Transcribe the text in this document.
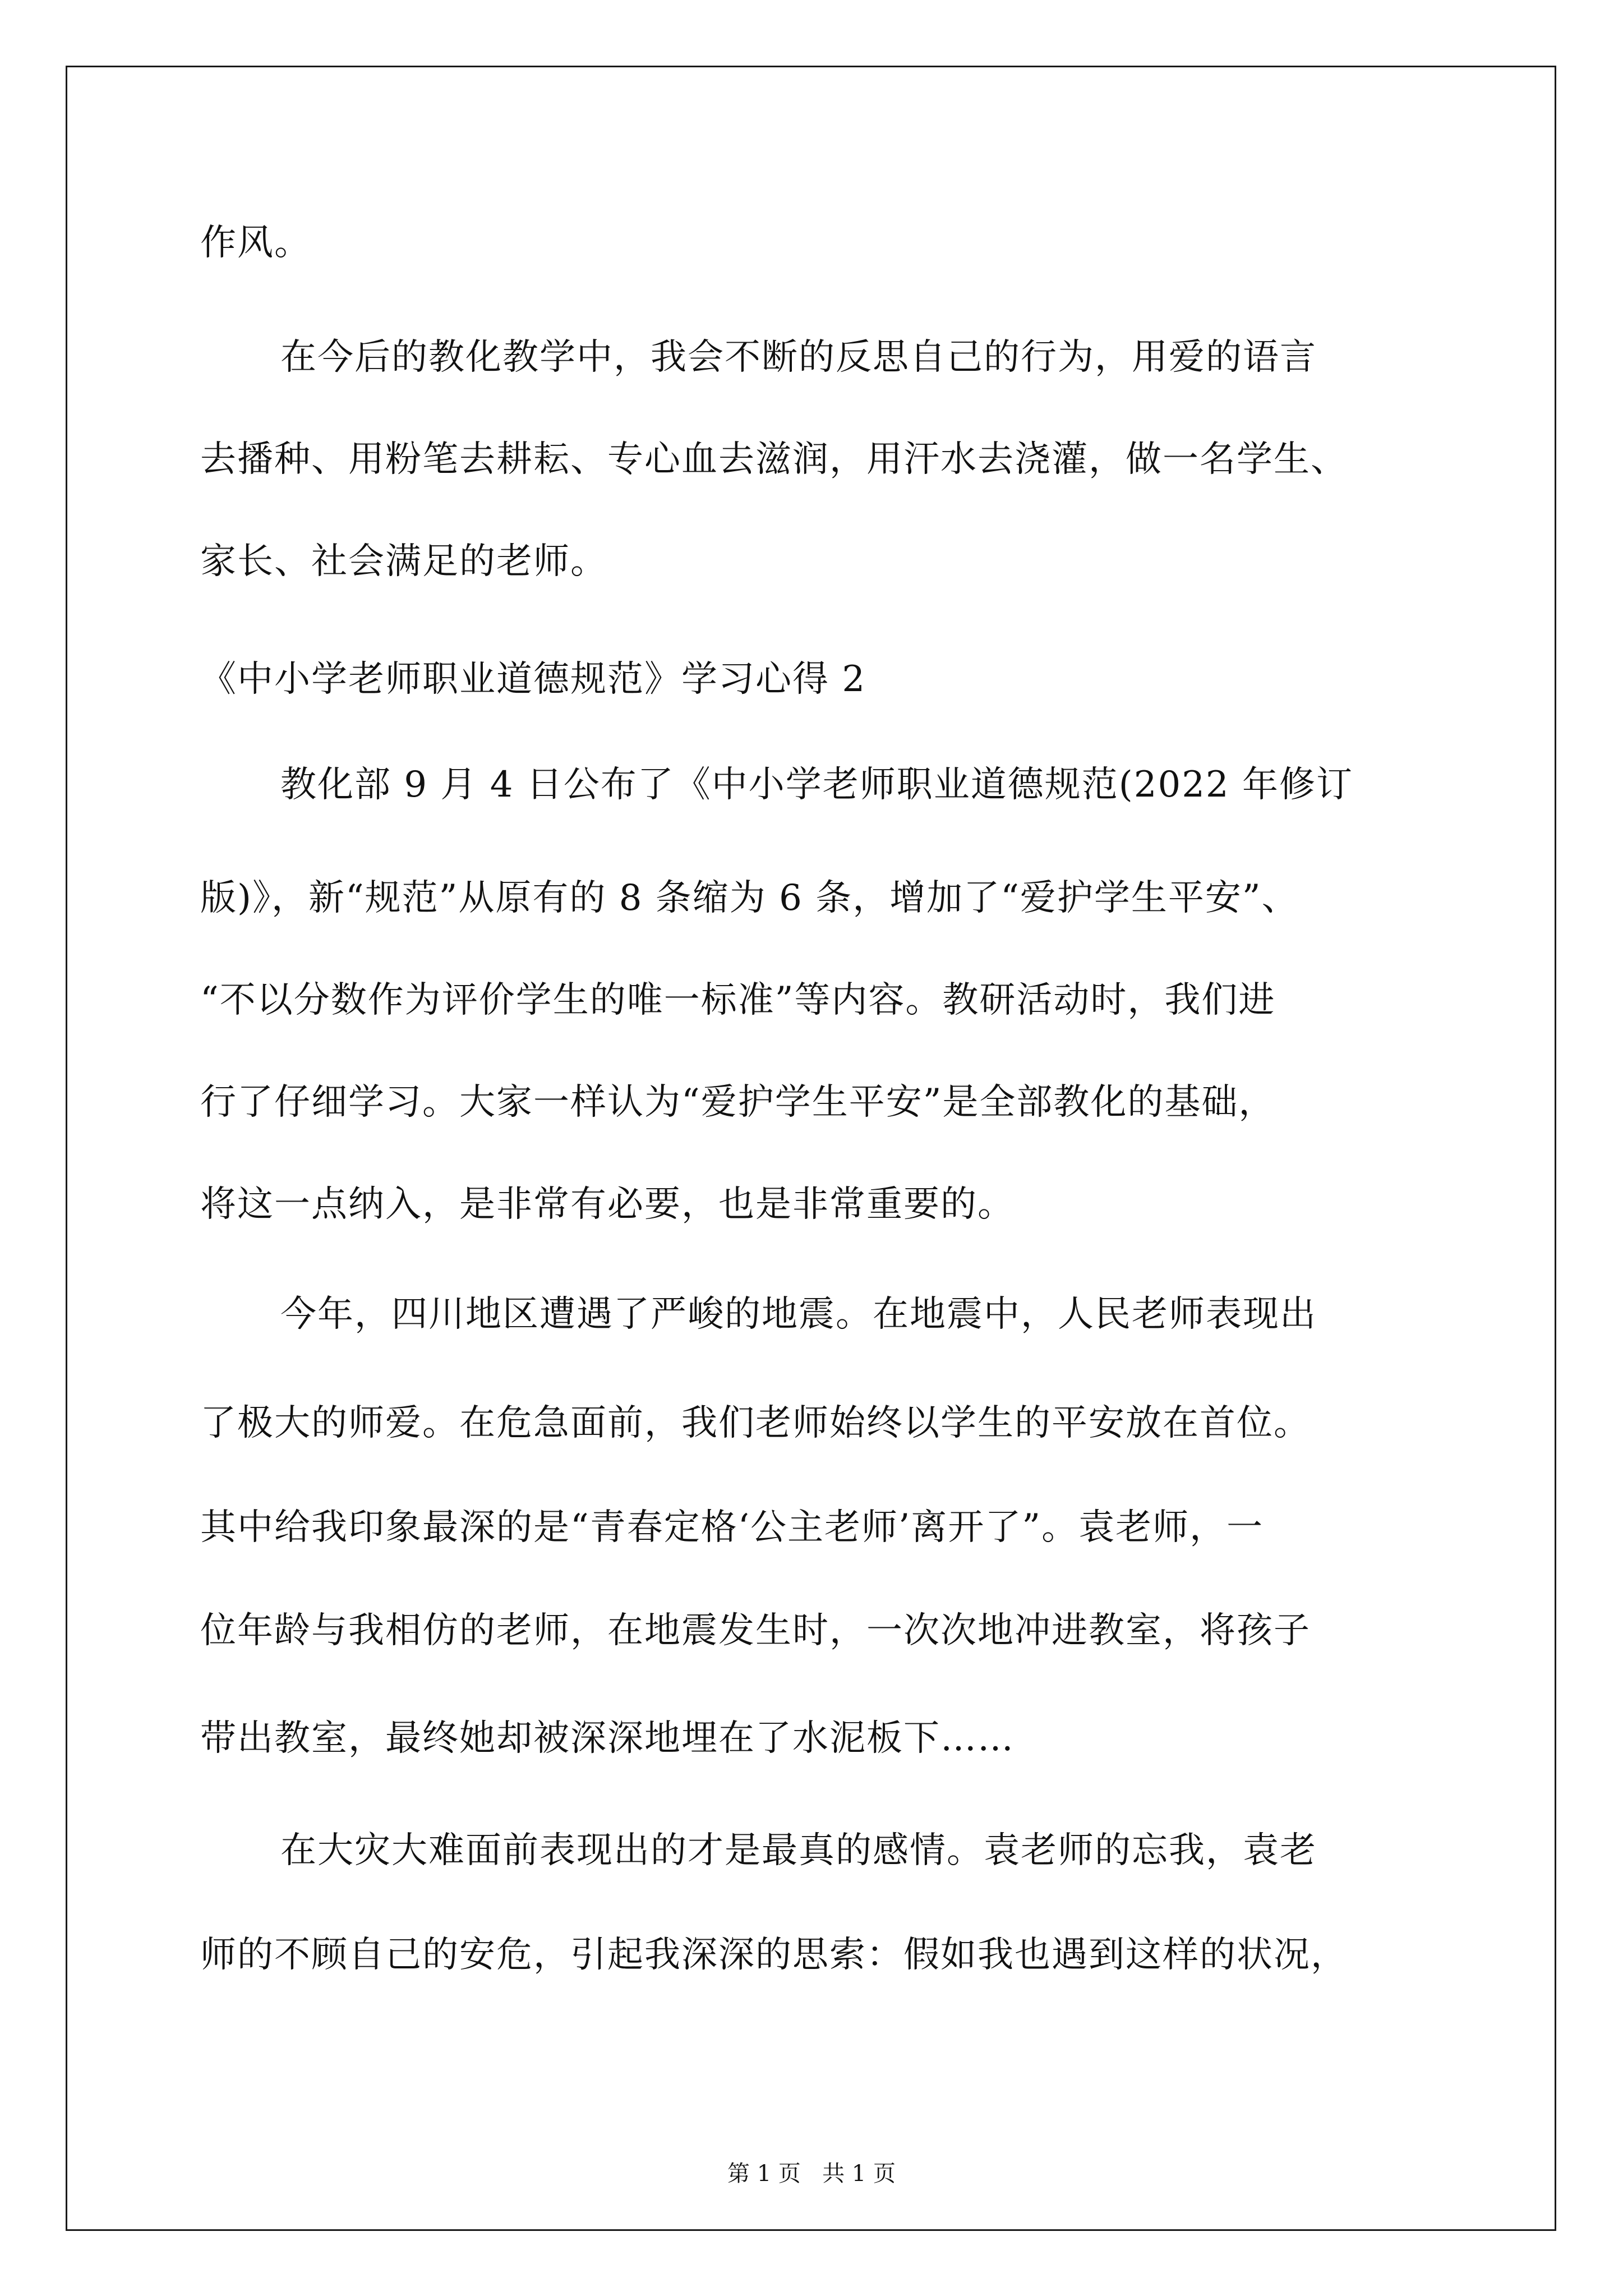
作风。
在今后的教化教学中，我会不断的反思自己的行为，用爱的语言
去播种、用粉笔去耕耘、专心血去滋润，用汗水去浇灌，做一名学生、
家长、社会满足的老师。
《中小学老师职业道德规范》学习心得 2
教化部 9 月 4 日公布了《中小学老师职业道德规范(2022 年修订
版)》，新“规范”从原有的 8 条缩为 6 条，增加了“爱护学生平安”、
“不以分数作为评价学生的唯一标准”等内容。教研活动时，我们进
行了仔细学习。大家一样认为“爱护学生平安”是全部教化的基础，
将这一点纳入，是非常有必要，也是非常重要的。
今年，四川地区遭遇了严峻的地震。在地震中，人民老师表现出
了极大的师爱。在危急面前，我们老师始终以学生的平安放在首位。
其中给我印象最深的是“青春定格‘公主老师’离开了”。袁老师，一
位年龄与我相仿的老师，在地震发生时，一次次地冲进教室，将孩子
带出教室，最终她却被深深地埋在了水泥板下……
在大灾大难面前表现出的才是最真的感情。袁老师的忘我，袁老
师的不顾自己的安危，引起我深深的思索：假如我也遇到这样的状况，
第 1 页   共 1 页
